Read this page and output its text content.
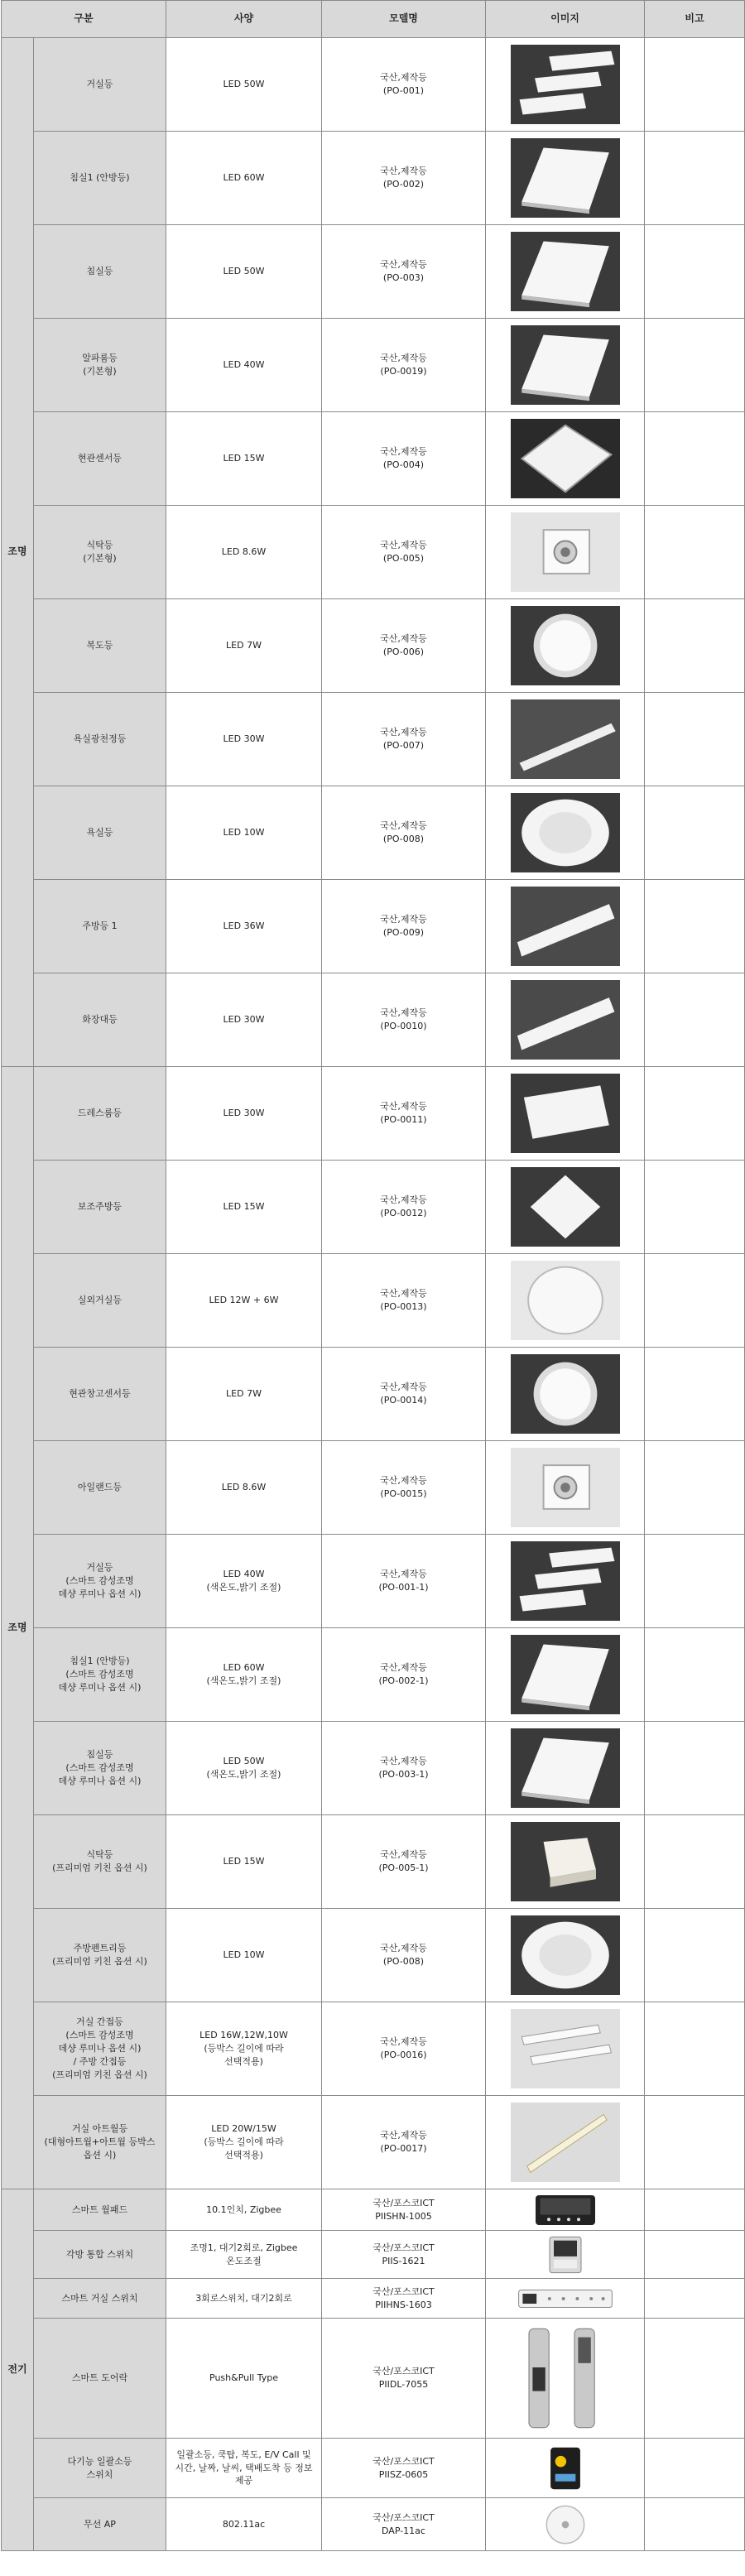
구분		사양	모델명	이미지	비고
조명	거실등	LED 50W	국산,제작등
(PO-001)	

	침실1 (안방등)	LED 60W	국산,제작등
(PO-002)	

	침실등	LED 50W	국산,제작등
(PO-003)	

	알파룸등
(기본형)	LED 40W	국산,제작등
(PO-0019)	

	현관센서등	LED 15W	국산,제작등
(PO-004)	

	식탁등
(기본형)	LED 8.6W	국산,제작등
(PO-005)	

	복도등	LED 7W	국산,제작등
(PO-006)	

	욕실광천정등	LED 30W	국산,제작등
(PO-007)	

	욕실등	LED 10W	국산,제작등
(PO-008)	

	주방등 1	LED 36W	국산,제작등
(PO-009)	

	화장대등	LED 30W	국산,제작등
(PO-0010)	

조명	드레스룸등	LED 30W	국산,제작등
(PO-0011)	

	보조주방등	LED 15W	국산,제작등
(PO-0012)	

	실외거실등	LED 12W + 6W	국산,제작등
(PO-0013)	

	현관창고센서등	LED 7W	국산,제작등
(PO-0014)	

	아일랜드등	LED 8.6W	국산,제작등
(PO-0015)	

	거실등
(스마트 감성조명
데샹 루미나 옵션 시)	LED 40W
(색온도,밝기 조절)	국산,제작등
(PO-001-1)	

	침실1 (안방등)
(스마트 감성조명
데샹 루미나 옵션 시)	LED 60W
(색온도,밝기 조절)	국산,제작등
(PO-002-1)	

	침실등
(스마트 감성조명
데샹 루미나 옵션 시)	LED 50W
(색온도,밝기 조절)	국산,제작등
(PO-003-1)	

	식탁등
(프리미엄 키친 옵션 시)	LED 15W	국산,제작등
(PO-005-1)	

	주방펜트리등
(프리미엄 키친 옵션 시)	LED 10W	국산,제작등
(PO-008)	

	거실 간접등
(스마트 감성조명
데샹 루미나 옵션 시)
/ 주방 간접등
(프리미엄 키친 옵션 시)	LED 16W,12W,10W
(등박스 길이에 따라
선택적용)	국산,제작등
(PO-0016)	

	거실 아트월등
(대형아트월+아트월 등박스
옵션 시)	LED 20W/15W
(등박스 길이에 따라
선택적용)	국산,제작등
(PO-0017)	

전기	스마트 월패드	10.1인치, Zigbee	국산/포스코ICT
PIISHN-1005	

	각방 통합 스위치	조명1, 대기2회로, Zigbee
온도조절	국산/포스코ICT
PIIS-1621	

	스마트 거실 스위치	3회로스위치, 대기2회로	국산/포스코ICT
PIIHNS-1603	

	스마트 도어락	Push&Pull Type	국산/포스코ICT
PIIDL-7055	

	다기능 일괄소등
스위치	일괄소등, 쿡탑, 복도, E/V Call 및
시간, 날짜, 날씨, 택배도착 등 정보
제공	국산/포스코ICT
PIISZ-0605	

	무선 AP	802.11ac	국산/포스코ICT
DAP-11ac	
